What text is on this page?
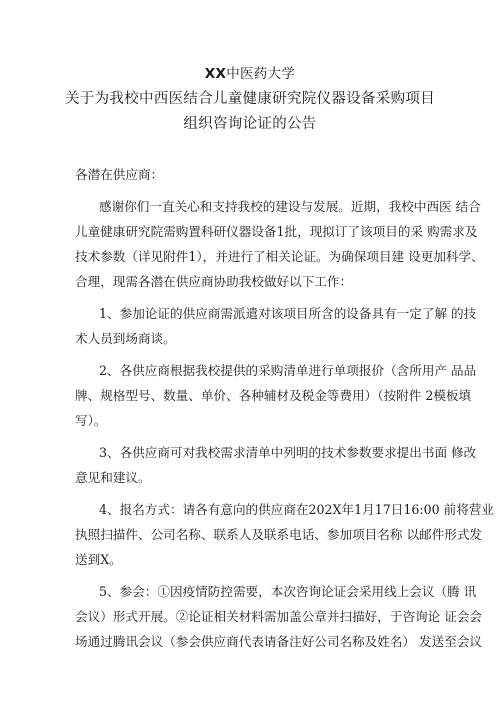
XX中医药大学
关于为我校中西医结合儿童健康研究院仪器设备采购项目
组织咨询论证的公告
各潜在供应商：
感谢你们一直关心和支持我校的建设与发展。近期，我校中西医 结合
儿童健康研究院需购置科研仪器设备1批，现拟订了该项目的采 购需求及
技术参数（详见附件1），并进行了相关论证。为确保项目建 设更加科学、
合理，现需各潜在供应商协助我校做好以下工作：
1、参加论证的供应商需派遣对该项目所含的设备具有一定了解 的技
术人员到场商谈。
2、各供应商根据我校提供的采购清单进行单项报价（含所用产 品品
牌、规格型号、数量、单价、各种辅材及税金等费用）（按附件 2模板填
写）。
3、各供应商可对我校需求清单中列明的技术参数要求提出书面 修改
意见和建议。
4、报名方式：请各有意向的供应商在202X年1月17日16:00 前将营业
执照扫描件、公司名称、联系人及联系电话、参加项目名称 以邮件形式发
送到X。
5、参会：①因疫情防控需要，本次咨询论证会采用线上会议（腾 讯
会议）形式开展。②论证相关材料需加盖公章并扫描好，于咨询论 证会会
场通过腾讯会议（参会供应商代表请备注好公司名称及姓名） 发送至会议
